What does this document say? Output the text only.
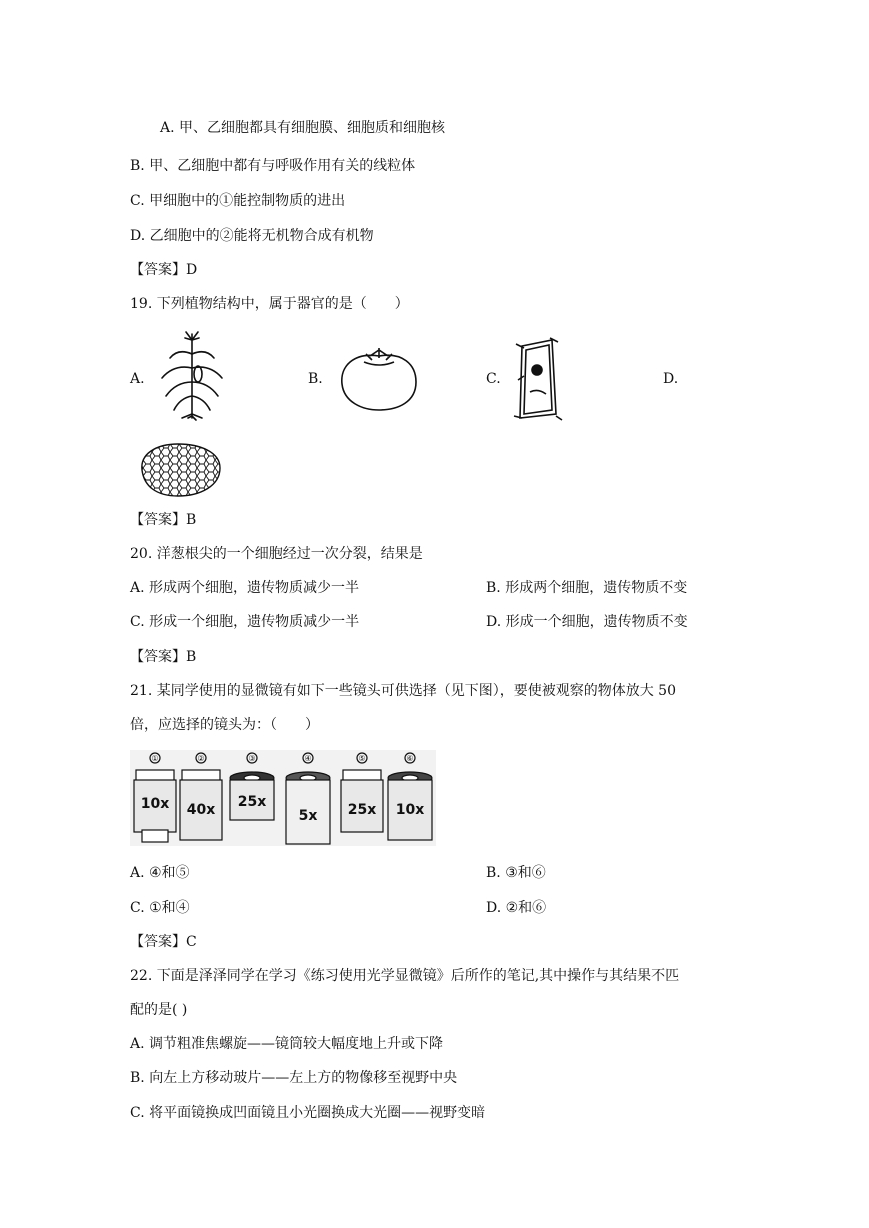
A. 甲、乙细胞都具有细胞膜、细胞质和细胞核
B. 甲、乙细胞中都有与呼吸作用有关的线粒体
C. 甲细胞中的①能控制物质的进出
D. 乙细胞中的②能将无机物合成有机物
【答案】D
19. 下列植物结构中，属于器官的是（　　）
A.	B.	C.	D.
【答案】B
20. 洋葱根尖的一个细胞经过一次分裂，结果是
A. 形成两个细胞，遗传物质减少一半	B. 形成两个细胞，遗传物质不变
C. 形成一个细胞，遗传物质减少一半	D. 形成一个细胞，遗传物质不变
【答案】B
21. 某同学使用的显微镜有如下一些镜头可供选择（见下图），要使被观察的物体放大 50
倍，应选择的镜头为：（　　）
①	②	③	④	⑤	⑥
10x 40x 25x
5x 25x 10x
A. ④和⑤	B. ③和⑥
C. ①和④	D. ②和⑥
【答案】C
22. 下面是泽泽同学在学习《练习使用光学显微镜》后所作的笔记,其中操作与其结果不匹
配的是( )
A. 调节粗准焦螺旋——镜筒较大幅度地上升或下降
B. 向左上方移动玻片——左上方的物像移至视野中央
C. 将平面镜换成凹面镜且小光圈换成大光圈——视野变暗
